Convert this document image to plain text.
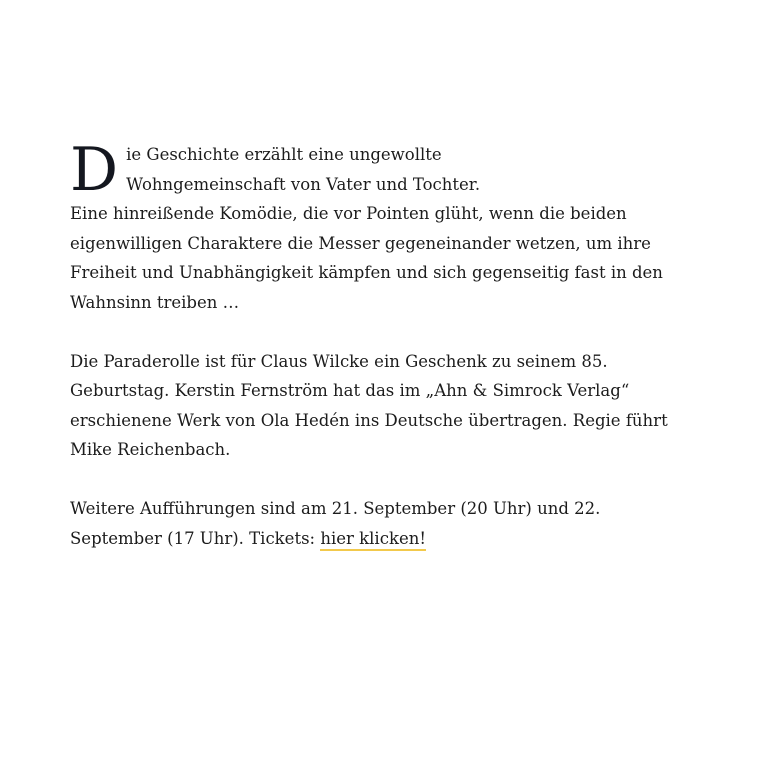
D ie Geschichte erzählt eine ungewollte
Wohngemeinschaft von Vater und Tochter.
Eine hinreißende Komödie, die vor Pointen glüht, wenn die beiden eigenwilligen Charaktere die Messer gegeneinander wetzen, um ihre Freiheit und Unabhängigkeit kämpfen und sich gegenseitig fast in den Wahnsinn treiben …

Die Paraderolle ist für Claus Wilcke ein Geschenk zu seinem 85. Geburtstag. Kerstin Fernström hat das im „Ahn & Simrock Verlag“ erschienene Werk von Ola Hedén ins Deutsche übertragen. Regie führt Mike Reichenbach.

Weitere Aufführungen sind am 21. September (20 Uhr) und 22. September (17 Uhr). Tickets: hier klicken!
